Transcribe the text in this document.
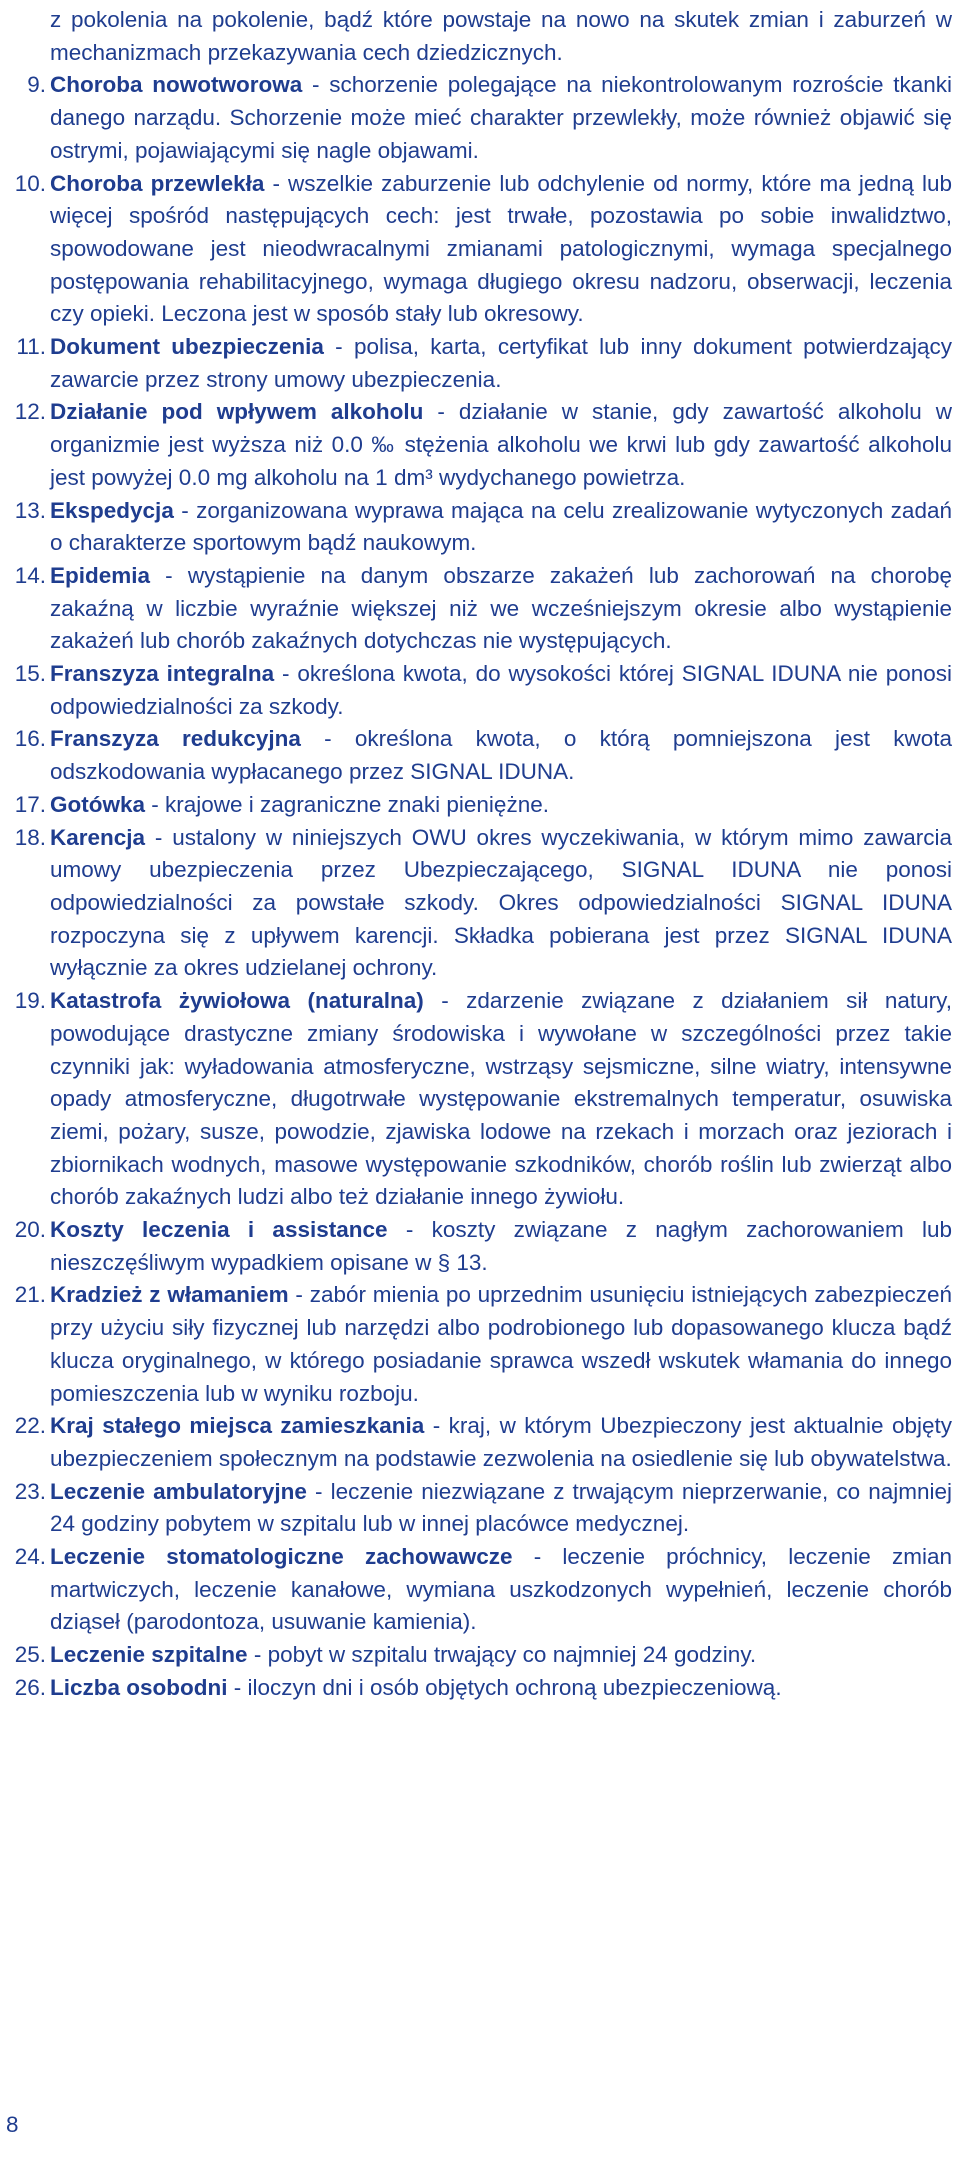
z pokolenia na pokolenie, bądź które powstaje na nowo na skutek zmian i zaburzeń w mechanizmach przekazywania cech dziedzicznych.

9. Choroba nowotworowa - schorzenie polegające na niekontrolowanym rozroście tkanki danego narządu. Schorzenie może mieć charakter przewlekły, może również objawić się ostrymi, pojawiającymi się nagle objawami.
10. Choroba przewlekła - wszelkie zaburzenie lub odchylenie od normy, które ma jedną lub więcej spośród następujących cech: jest trwałe, pozostawia po sobie inwalidztwo, spowodowane jest nieodwracalnymi zmianami patologicznymi, wymaga specjalnego postępowania rehabilitacyjnego, wymaga długiego okresu nadzoru, obserwacji, leczenia czy opieki. Leczona jest w sposób stały lub okresowy.
11. Dokument ubezpieczenia - polisa, karta, certyfikat lub inny dokument potwierdzający zawarcie przez strony umowy ubezpieczenia.
12. Działanie pod wpływem alkoholu - działanie w stanie, gdy zawartość alkoholu w organizmie jest wyższa niż 0.0 ‰ stężenia alkoholu we krwi lub gdy zawartość alkoholu jest powyżej 0.0 mg alkoholu na 1 dm³ wydychanego powietrza.
13. Ekspedycja - zorganizowana wyprawa mająca na celu zrealizowanie wytyczonych zadań o charakterze sportowym bądź naukowym.
14. Epidemia - wystąpienie na danym obszarze zakażeń lub zachorowań na chorobę zakaźną w liczbie wyraźnie większej niż we wcześniejszym okresie albo wystąpienie zakażeń lub chorób zakaźnych dotychczas nie występujących.
15. Franszyza integralna - określona kwota, do wysokości której SIGNAL IDUNA nie ponosi odpowiedzialności za szkody.
16. Franszyza redukcyjna - określona kwota, o którą pomniejszona jest kwota odszkodowania wypłacanego przez SIGNAL IDUNA.
17. Gotówka - krajowe i zagraniczne znaki pieniężne.
18. Karencja - ustalony w niniejszych OWU okres wyczekiwania, w którym mimo zawarcia umowy ubezpieczenia przez Ubezpieczającego, SIGNAL IDUNA nie ponosi odpowiedzialności za powstałe szkody. Okres odpowiedzialności SIGNAL IDUNA rozpoczyna się z upływem karencji. Składka pobierana jest przez SIGNAL IDUNA wyłącznie za okres udzielanej ochrony.
19. Katastrofa żywiołowa (naturalna) - zdarzenie związane z działaniem sił natury, powodujące drastyczne zmiany środowiska i wywołane w szczególności przez takie czynniki jak: wyładowania atmosferyczne, wstrząsy sejsmiczne, silne wiatry, intensywne opady atmosferyczne, długotrwałe występowanie ekstremalnych temperatur, osuwiska ziemi, pożary, susze, powodzie, zjawiska lodowe na rzekach i morzach oraz jeziorach i zbiornikach wodnych, masowe występowanie szkodników, chorób roślin lub zwierząt albo chorób zakaźnych ludzi albo też działanie innego żywiołu.
20. Koszty leczenia i assistance - koszty związane z nagłym zachorowaniem lub nieszczęśliwym wypadkiem opisane w § 13.
21. Kradzież z włamaniem - zabór mienia po uprzednim usunięciu istniejących zabezpieczeń przy użyciu siły fizycznej lub narzędzi albo podrobionego lub dopasowanego klucza bądź klucza oryginalnego, w którego posiadanie sprawca wszedł wskutek włamania do innego pomieszczenia lub w wyniku rozboju.
22. Kraj stałego miejsca zamieszkania - kraj, w którym Ubezpieczony jest aktualnie objęty ubezpieczeniem społecznym na podstawie zezwolenia na osiedlenie się lub obywatelstwa.
23. Leczenie ambulatoryjne - leczenie niezwiązane z trwającym nieprzerwanie, co najmniej 24 godziny pobytem w szpitalu lub w innej placówce medycznej.
24. Leczenie stomatologiczne zachowawcze - leczenie próchnicy, leczenie zmian martwiczych, leczenie kanałowe, wymiana uszkodzonych wypełnień, leczenie chorób dziąseł (parodontoza, usuwanie kamienia).
25. Leczenie szpitalne - pobyt w szpitalu trwający co najmniej 24 godziny.
26. Liczba osobodni - iloczyn dni i osób objętych ochroną ubezpieczeniową.
8
